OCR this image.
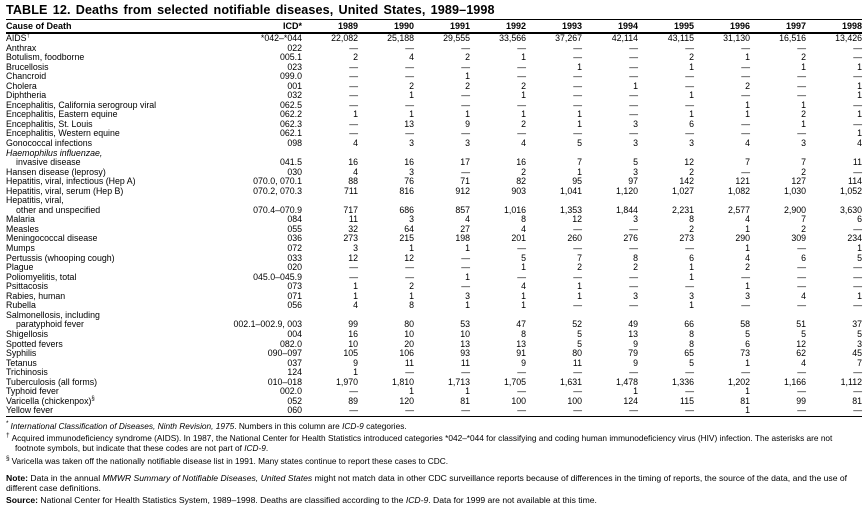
TABLE 12. Deaths from selected notifiable diseases, United States, 1989–1998
Cause of Death	ICD*	1989	1990	1991	1992	1993	1994	1995	1996	1997	1998
AIDS†	*042–*044	22,082	25,188	29,555	33,566	37,267	42,114	43,115	31,130	16,516	13,426
Anthrax	022	—	—	—	—	—	—	—	—	—	—
Botulism, foodborne	005.1	2	4	2	1	—	—	2	1	2	—
Brucellosis	023	—	—	—	—	1	—	1	—	1	1
Chancroid	099.0	—	—	1	—	—	—	—	—	—	—
Cholera	001	—	2	2	2	—	1	—	2	—	1
Diphtheria	032	—	1	—	1	—	—	1	—	—	1
Encephalitis, California serogroup viral	062.5	—	—	—	—	—	—	—	1	1	—
Encephalitis, Eastern equine	062.2	1	1	1	1	1	—	1	1	2	1
Encephalitis, St. Louis	062.3	—	13	9	2	1	3	6	—	1	—
Encephalitis, Western equine	062.1	—	—	—	—	—	—	—	—	—	1
Gonococcal infections	098	4	3	3	4	5	3	3	4	3	4
Haemophilus influenzae,											
invasive disease	041.5	16	16	17	16	7	5	12	7	7	11
Hansen disease (leprosy)	030	4	3	—	2	1	3	2	—	2	—
Hepatitis, viral, infectious (Hep A)	070.0, 070.1	88	76	71	82	95	97	142	121	127	114
Hepatitis, viral, serum (Hep B)	070.2, 070.3	711	816	912	903	1,041	1,120	1,027	1,082	1,030	1,052
Hepatitis, viral,											
other and unspecified	070.4–070.9	717	686	857	1,016	1,353	1,844	2,231	2,577	2,900	3,630
Malaria	084	11	3	4	8	12	3	8	4	7	6
Measles	055	32	64	27	4	—	—	2	1	2	—
Meningococcal disease	036	273	215	198	201	260	276	273	290	309	234
Mumps	072	3	1	1	—	—	—	—	1	—	1
Pertussis (whooping cough)	033	12	12	—	5	7	8	6	4	6	5
Plague	020	—	—	—	1	2	2	1	2	—	—
Poliomyelitis, total	045.0–045.9	—	—	1	—	—	—	1	—	—	—
Psittacosis	073	1	2	—	4	1	—	—	1	—	—
Rabies, human	071	1	1	3	1	1	3	3	3	4	1
Rubella	056	4	8	1	1	—	—	1	—	—	—
Salmonellosis, including											
paratyphoid fever	002.1–002.9, 003	99	80	53	47	52	49	66	58	51	37
Shigellosis	004	16	10	10	8	5	13	8	5	5	5
Spotted fevers	082.0	10	20	13	13	5	9	8	6	12	3
Syphilis	090–097	105	106	93	91	80	79	65	73	62	45
Tetanus	037	9	11	11	9	11	9	5	1	4	7
Trichinosis	124	1	—	—	—	—	—	—	—	—	—
Tuberculosis (all forms)	010–018	1,970	1,810	1,713	1,705	1,631	1,478	1,336	1,202	1,166	1,112
Typhoid fever	002.0	—	1	1	—	—	1	—	1	—	—
Varicella (chickenpox)§	052	89	120	81	100	100	124	115	81	99	81
Yellow fever	060	—	—	—	—	—	—	—	1	—	—
* International Classification of Diseases, Ninth Revision, 1975. Numbers in this column are ICD-9 categories.
† Acquired immunodeficiency syndrome (AIDS). In 1987, the National Center for Health Statistics introduced categories *042–*044 for classifying and coding human immunodeficiency virus (HIV) infection. The asterisks are not footnote symbols, but indicate that these codes are not part of ICD-9.
§ Varicella was taken off the nationally notifiable disease list in 1991. Many states continue to report these cases to CDC.
Note: Data in the annual MMWR Summary of Notifiable Diseases, United States might not match data in other CDC surveillance reports because of differences in the timing of reports, the source of the data, and the use of different case definitions.
Source: National Center for Health Statistics System, 1989–1998. Deaths are classified according to the ICD-9. Data for 1999 are not available at this time.
